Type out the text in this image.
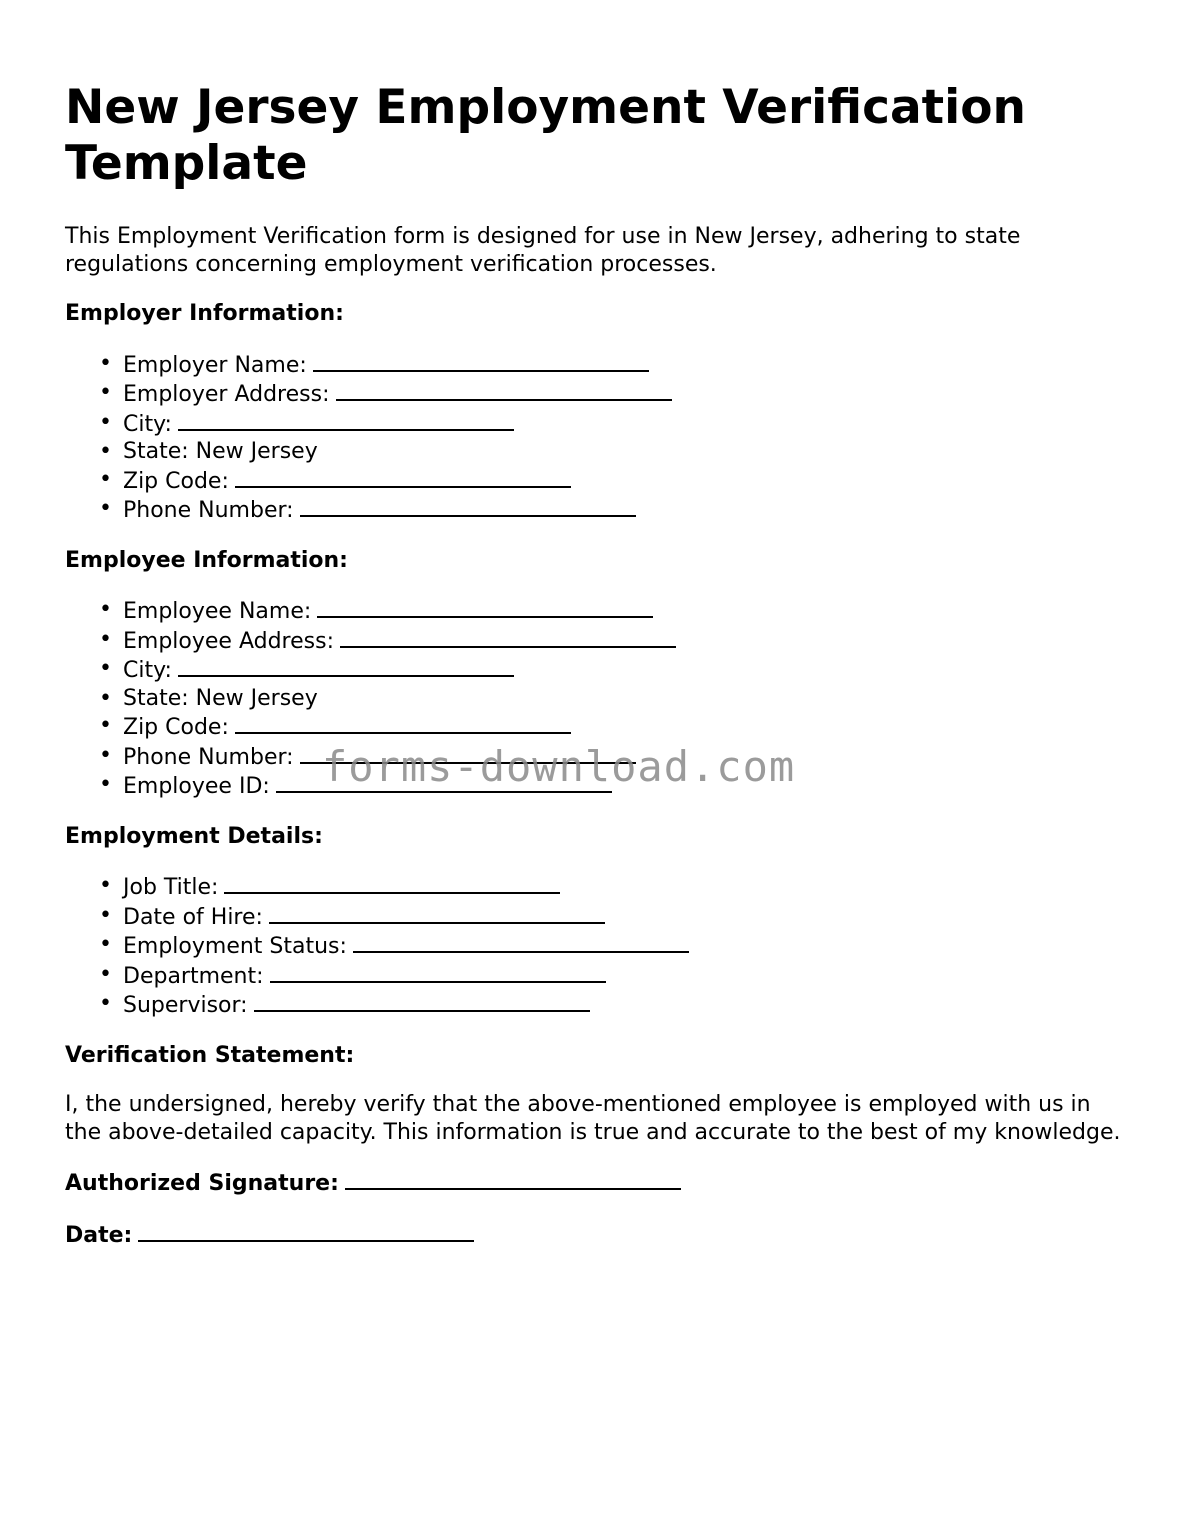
New Jersey Employment Verification Template

This Employment Verification form is designed for use in New Jersey, adhering to state regulations concerning employment verification processes.

Employer Information:
• Employer Name:
• Employer Address:
• City:
• State: New Jersey
• Zip Code:
• Phone Number:
Employee Information:
• Employee Name:
• Employee Address:
• City:
• State: New Jersey
• Zip Code:
• Phone Number:
• Employee ID:
Employment Details:
• Job Title:
• Date of Hire:
• Employment Status:
• Department:
• Supervisor:
Verification Statement:

I, the undersigned, hereby verify that the above-mentioned employee is employed with us in the above-detailed capacity. This information is true and accurate to the best of my knowledge.

Authorized Signature:
Date:
forms-download.com
